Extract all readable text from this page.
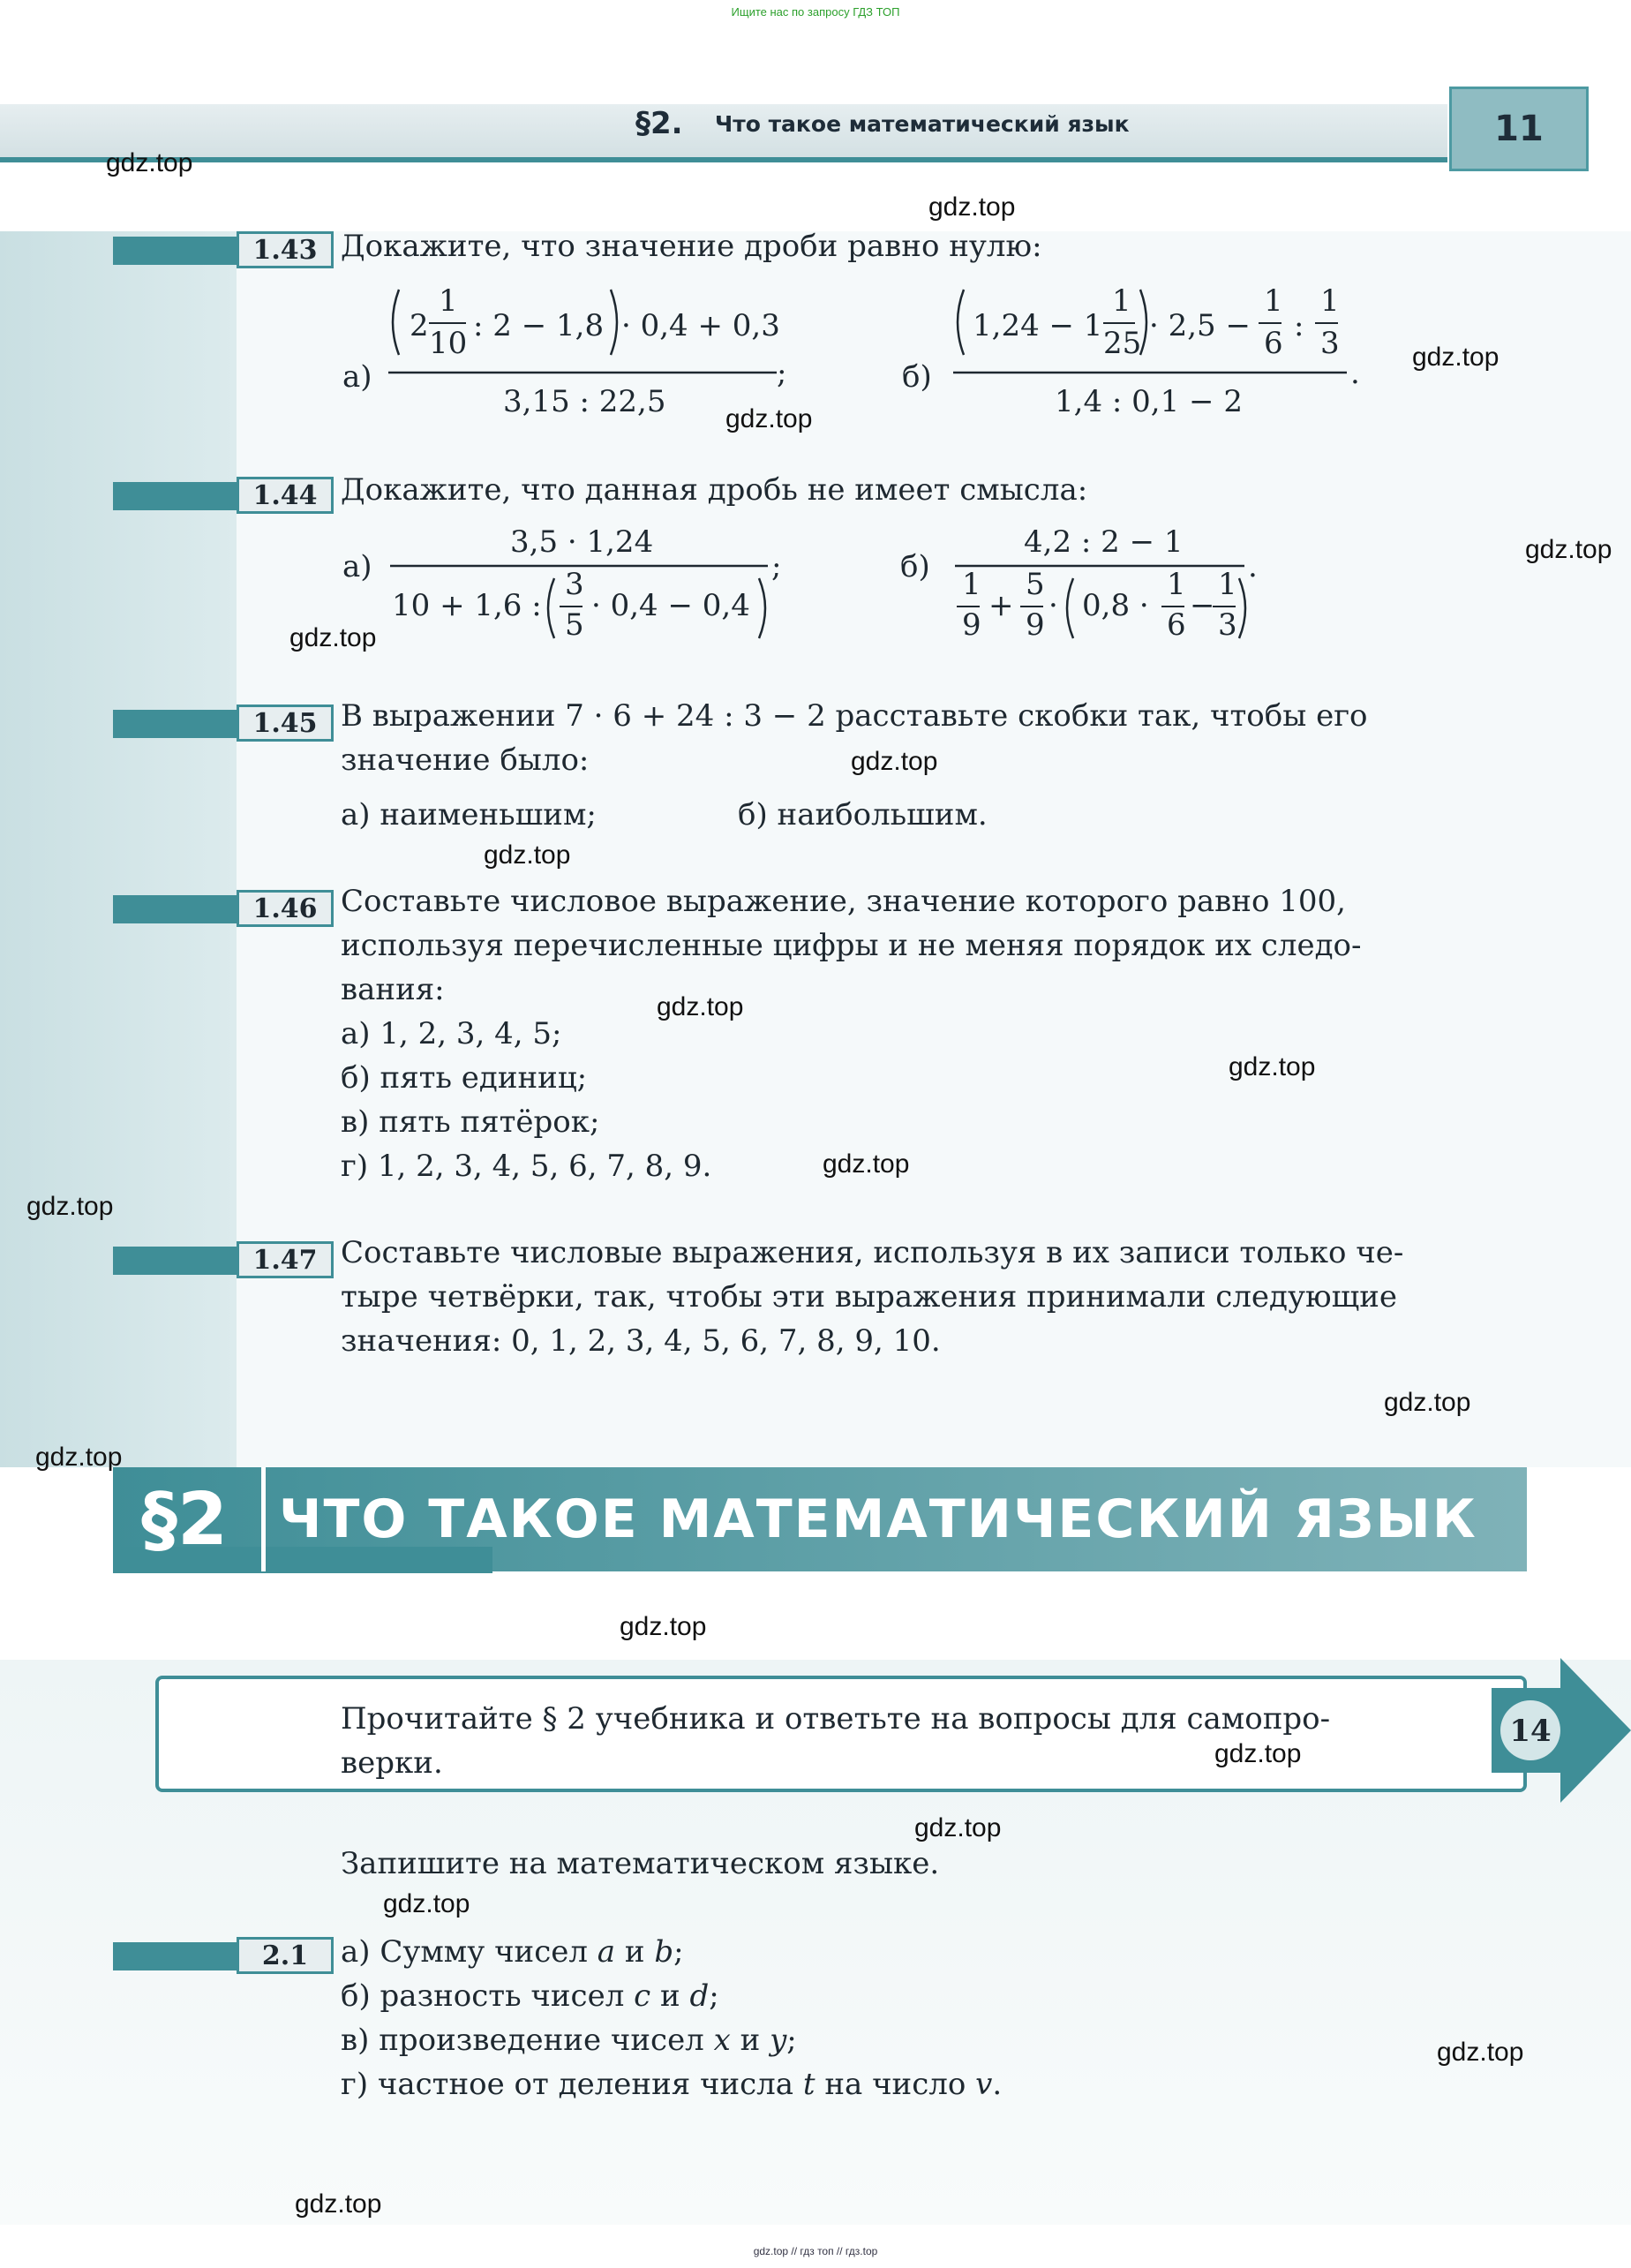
Ищите нас по запросу ГДЗ ТОП
§2. Что такое математический язык	11
1.43 Докажите, что значение дроби равно нулю:
а)
2
1
10 : 2 − 1,8 · 0,4 + 0,3
3,15 : 22,5
;	б)
1,24 − 1
1
25 · 2,5 −
1
6 :
1
3
1,4 : 0,1 − 2
.
1.44 Докажите, что данная дробь не имеет смысла:
а)
3,5 · 1,24
10 + 1,6 :
3
5
· 0,4 − 0,4
;	б)
4,2 : 2 − 1
1
9
+
5
9
· 0,8 ·
1
6
−
1
3
.
1.45 В выражении 7 · 6 + 24 : 3 − 2 расставьте скобки так, чтобы его
значение было:
а) наименьшим;	б) наибольшим.
1.46 Составьте числовое выражение, значение которого равно 100,
используя перечисленные цифры и не меняя порядок их следо-
вания:
а) 1, 2, 3, 4, 5;
б) пять единиц;
в) пять пятёрок;
г) 1, 2, 3, 4, 5, 6, 7, 8, 9.
1.47 Составьте числовые выражения, используя в их записи только че-
тыре четвёрки, так, чтобы эти выражения принимали следующие
значения: 0, 1, 2, 3, 4, 5, 6, 7, 8, 9, 10.
§2 ЧТО ТАКОЕ МАТЕМАТИЧЕСКИЙ ЯЗЫК
Прочитайте § 2 учебника и ответьте на вопросы для самопро-
верки.
14
Запишите на математическом языке.
2.1	а) Сумму чисел a и b;
б) разность чисел c и d;
в) произведение чисел x и y;
г) частное от деления числа t на число v.
gdz.top
gdz.top
gdz.top
gdz.top
gdz.top
gdz.top
gdz.top
gdz.top
gdz.top
gdz.top
gdz.top
gdz.top
gdz.top
gdz.top
gdz.top
gdz.top
gdz.top
gdz.top
gdz.top
gdz.top
gdz.top // гдз топ // гдз.top
